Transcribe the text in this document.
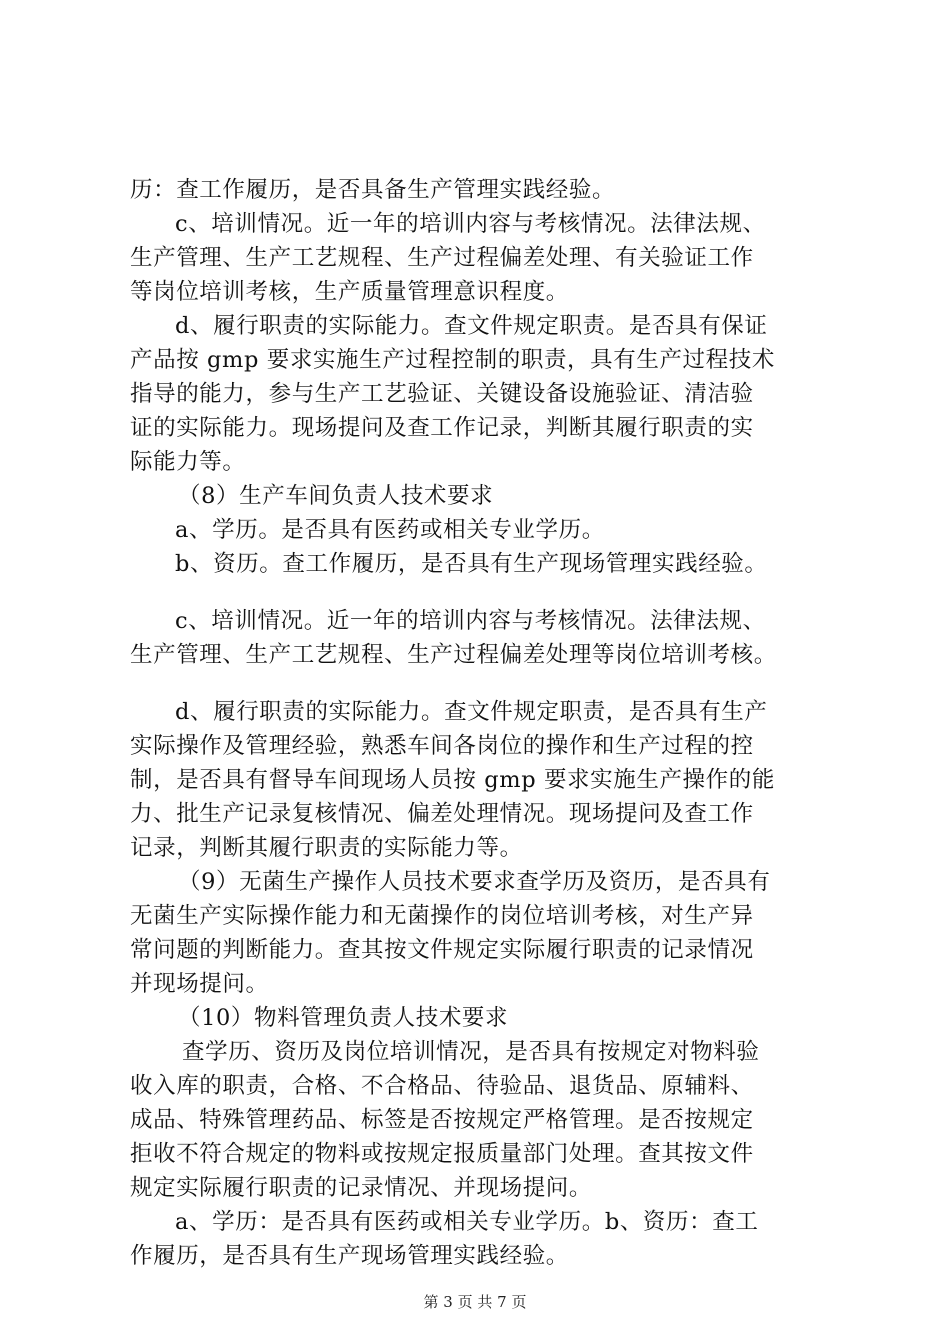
历：查工作履历，是否具备生产管理实践经验。
c、培训情况。近一年的培训内容与考核情况。法律法规、
生产管理、生产工艺规程、生产过程偏差处理、有关验证工作
等岗位培训考核，生产质量管理意识程度。
d、履行职责的实际能力。查文件规定职责。是否具有保证
产品按 gmp 要求实施生产过程控制的职责，具有生产过程技术
指导的能力，参与生产工艺验证、关键设备设施验证、清洁验
证的实际能力。现场提问及查工作记录，判断其履行职责的实
际能力等。
（8）生产车间负责人技术要求
a、学历。是否具有医药或相关专业学历。
b、资历。查工作履历，是否具有生产现场管理实践经验。
c、培训情况。近一年的培训内容与考核情况。法律法规、
生产管理、生产工艺规程、生产过程偏差处理等岗位培训考核。
d、履行职责的实际能力。查文件规定职责，是否具有生产
实际操作及管理经验，熟悉车间各岗位的操作和生产过程的控
制，是否具有督导车间现场人员按 gmp 要求实施生产操作的能
力、批生产记录复核情况、偏差处理情况。现场提问及查工作
记录，判断其履行职责的实际能力等。
（9）无菌生产操作人员技术要求查学历及资历，是否具有
无菌生产实际操作能力和无菌操作的岗位培训考核，对生产异
常问题的判断能力。查其按文件规定实际履行职责的记录情况
并现场提问。
（10）物料管理负责人技术要求
查学历、资历及岗位培训情况，是否具有按规定对物料验
收入库的职责，合格、不合格品、待验品、退货品、原辅料、
成品、特殊管理药品、标签是否按规定严格管理。是否按规定
拒收不符合规定的物料或按规定报质量部门处理。查其按文件
规定实际履行职责的记录情况、并现场提问。
a、学历：是否具有医药或相关专业学历。b、资历：查工
作履历，是否具有生产现场管理实践经验。
第 3 页 共 7 页
